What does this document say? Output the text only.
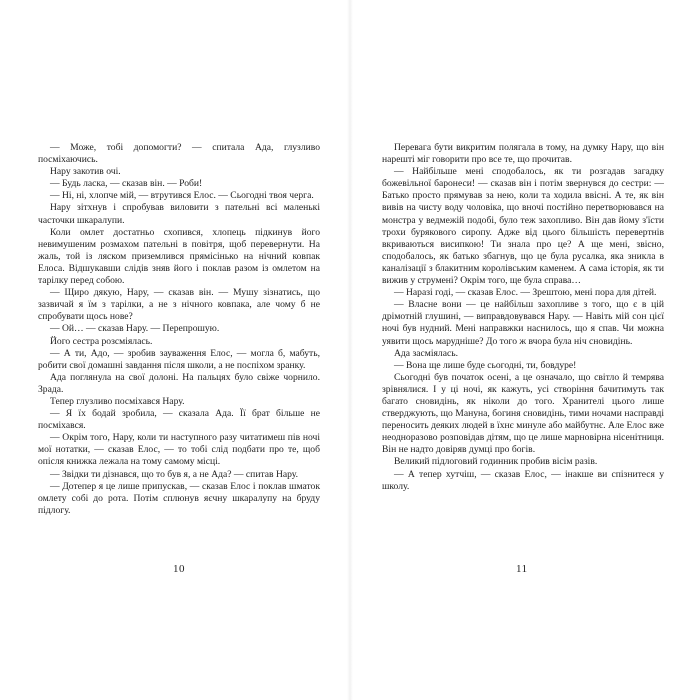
— Може, тобі допомогти? — спитала Ада, глузливо посміхаючись.

Нару закотив очі.

— Будь ласка, — сказав він. — Роби!

— Ні, ні, хлопче мій, — втрутився Елос. — Сьогодні твоя черга.

Нару зітхнув і спробував виловити з пательні всі маленькі часточки шкаралупи.

Коли омлет достатньо схопився, хлопець підкинув його невимушеним розмахом пательні в повітря, щоб перевернути. На жаль, той із ляском приземлився прямісінько на нічний ковпак Елоса. Відшукавши слідів зняв його і поклав разом із омлетом на тарілку перед собою.

— Щиро дякую, Нару, — сказав він. — Мушу зізнатись, що зазвичай я їм з тарілки, а не з нічного ковпака, але чому б не спробувати щось нове?

— Ой… — сказав Нару. — Перепрошую.

Його сестра розсміялась.

— А ти, Адо, — зробив зауваження Елос, — могла б, мабуть, робити свої домашні завдання після школи, а не поспіхом зранку.

Ада поглянула на свої долоні. На пальцях було свіже чорнило. Зрада.

Тепер глузливо посміхався Нару.

— Я їх бодай зробила, — сказала Ада. Її брат більше не посміхався.

— Окрім того, Нару, коли ти наступного разу читатимеш пів ночі мої нотатки, — сказав Елос, — то тобі слід подбати про те, щоб опісля книжка лежала на тому самому місці.

— Звідки ти дізнався, що то був я, а не Ада? — спитав Нару.

— Дотепер я це лише припускав, — сказав Елос і поклав шматок омлету собі до рота. Потім сплюнув яєчну шкаралупу на бруду підлогу.

Перевага бути викритим полягала в тому, на думку Нару, що він нарешті міг говорити про все те, що прочитав.

— Найбільше мені сподобалось, як ти розгадав загадку божевільної баронеси! — сказав він і потім звернувся до сестри: — Батько просто прямував за нею, коли та ходила ввісні. А те, як він вивів на чисту воду чоловіка, що вночі постійно перетворювався на монстра у ведмежій подобі, було теж захопливо. Він дав йому з'їсти трохи бурякового сиропу. Адже від цього більшість перевертнів вкриваються висипкою! Ти знала про це? А ще мені, звісно, сподобалось, як батько збагнув, що це була русалка, яка зникла в каналізації з блакитним королівським каменем. А сама історія, як ти вижив у струмені? Окрім того, ще була справа…

— Наразі годі, — сказав Елос. — Зрештою, мені пора для дітей.

— Власне вони — це найбільш захопливе з того, що є в цій дрімотній глушині, — виправдовувався Нару. — Навіть мій сон цієї ночі був нудний. Мені направжки наснилось, що я спав. Чи можна уявити щось марудніше? До того ж вчора була ніч сновидінь.

Ада засміялась.

— Вона ще лише буде сьогодні, ти, бовдуре!

Сьогодні був початок осені, а це означало, що світло й темрява зрівнялися. І у ці ночі, як кажуть, усі створіння бачитимуть так багато сновидінь, як ніколи до того. Хранителі цього лише стверджують, що Мануна, богиня сновидінь, тими ночами насправді переносить деяких людей в їхнє минуле або майбутнє. Але Елос вже неодноразово розповідав дітям, що це лише марновірна нісенітниця. Він не надто довіряв думці про богів.

Великий підлоговий годинник пробив вісім разів.

— А тепер хутчіш, — сказав Елос, — інакше ви спізнитеся у школу.

10	11
